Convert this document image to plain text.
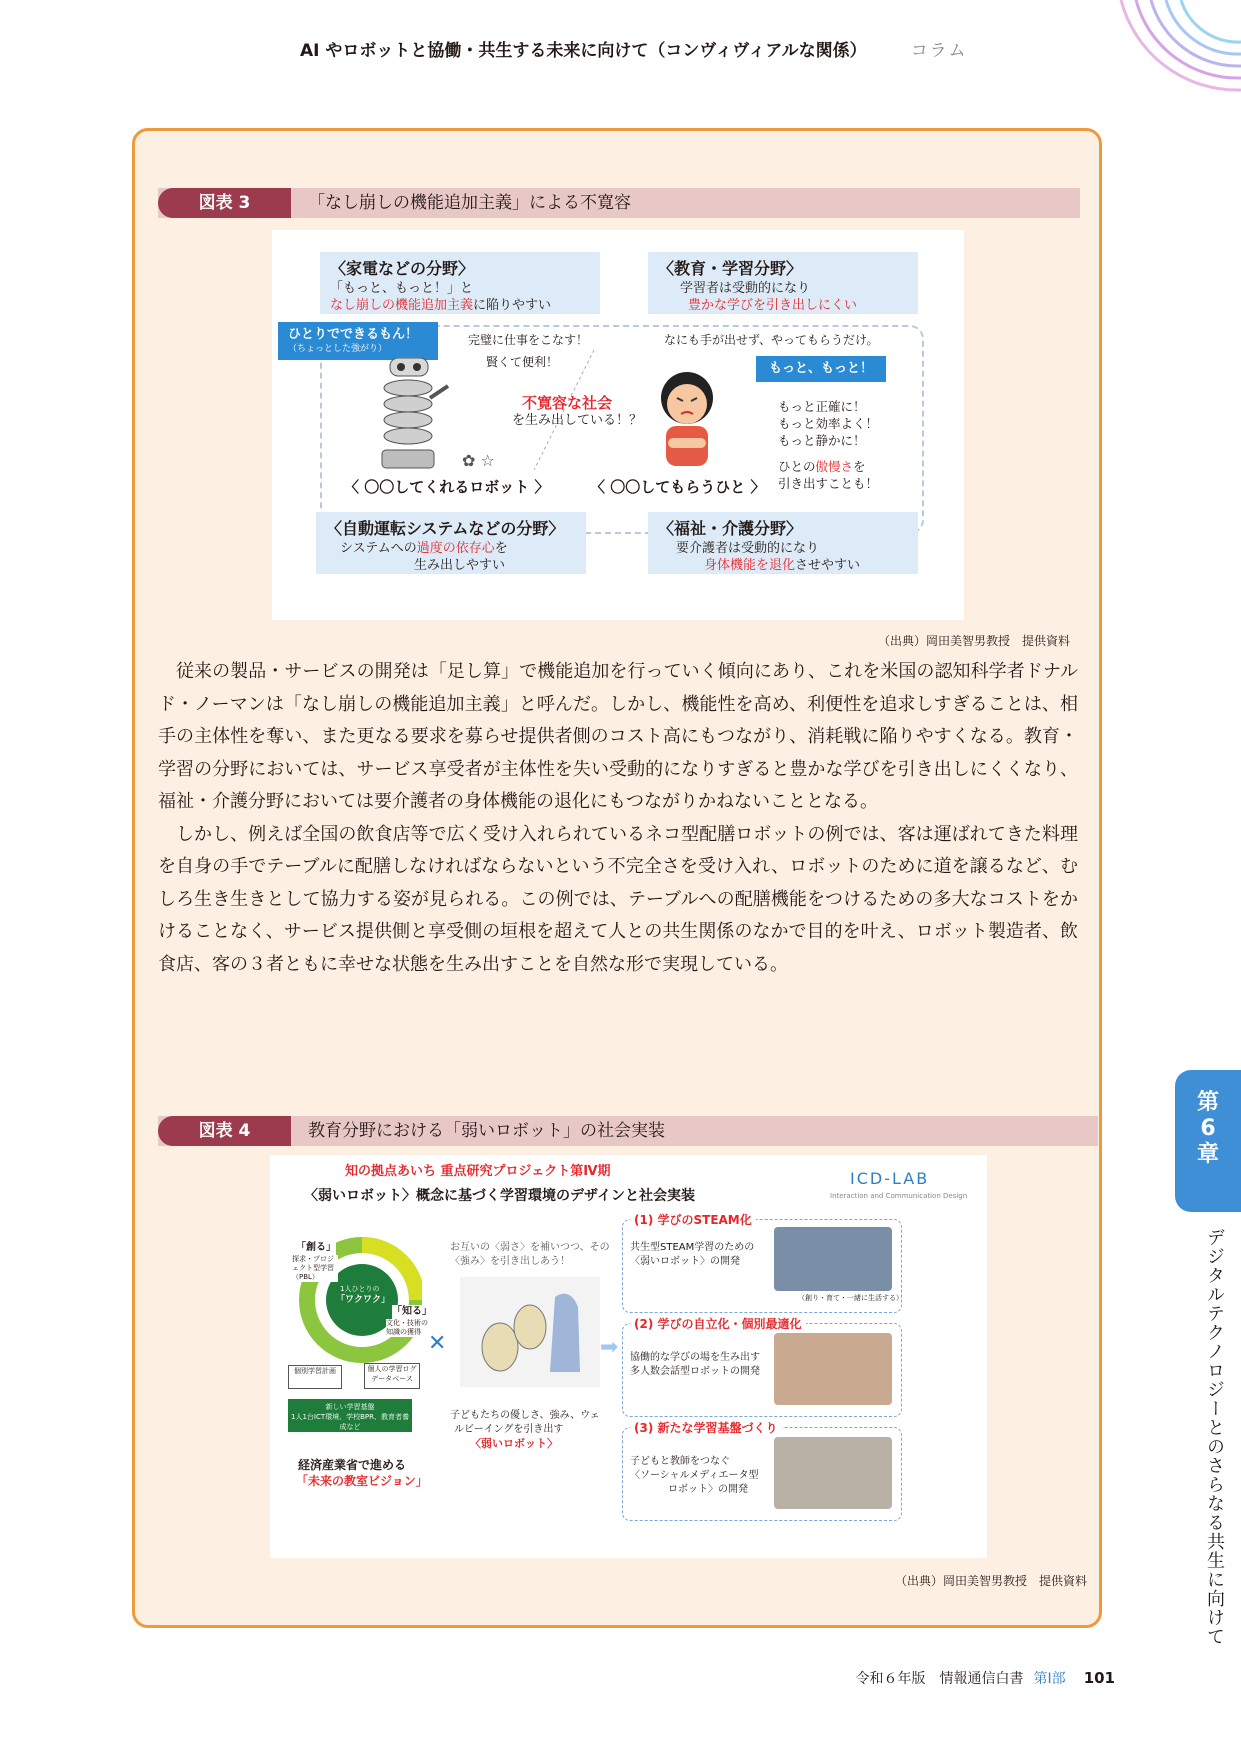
AI やロボットと協働・共生する未来に向けて（コンヴィヴィアルな関係）	コラム
図表 3	「なし崩しの機能追加主義」による不寛容
〈家電などの分野〉
「もっと、もっと！」と
なし崩しの機能追加主義に陥りやすい
〈教育・学習分野〉
学習者は受動的になり
豊かな学びを引き出しにくい
ひとりでできるもん！
（ちょっとした強がり）
完璧に仕事をこなす！
賢くて便利！
なにも手が出せず、やってもらうだけ。
もっと、もっと！
✿ ☆
不寛容な社会
を生み出している！？
もっと正確に！
もっと効率よく！
もっと静かに！
ひとの傲慢さを
引き出すことも！
〈 〇〇してくれるロボット 〉	〈 〇〇してもらうひと 〉
〈自動運転システムなどの分野〉
システムへの過度の依存心を
生み出しやすい
〈福祉・介護分野〉
要介護者は受動的になり
身体機能を退化させやすい
（出典）岡田美智男教授　提供資料

従来の製品・サービスの開発は「足し算」で機能追加を行っていく傾向にあり、これを米国の認知科学者ドナルド・ノーマンは「なし崩しの機能追加主義」と呼んだ。しかし、機能性を高め、利便性を追求しすぎることは、相手の主体性を奪い、また更なる要求を募らせ提供者側のコスト高にもつながり、消耗戦に陥りやすくなる。教育・学習の分野においては、サービス享受者が主体性を失い受動的になりすぎると豊かな学びを引き出しにくくなり、福祉・介護分野においては要介護者の身体機能の退化にもつながりかねないこととなる。

しかし、例えば全国の飲食店等で広く受け入れられているネコ型配膳ロボットの例では、客は運ばれてきた料理を自身の手でテーブルに配膳しなければならないという不完全さを受け入れ、ロボットのために道を譲るなど、むしろ生き生きとして協力する姿が見られる。この例では、テーブルへの配膳機能をつけるための多大なコストをかけることなく、サービス提供側と享受側の垣根を超えて人との共生関係のなかで目的を叶え、ロボット製造者、飲食店、客の３者ともに幸せな状態を生み出すことを自然な形で実現している。

図表 4	教育分野における「弱いロボット」の社会実装
知の拠点あいち 重点研究プロジェクト第Ⅳ期
〈弱いロボット〉概念に基づく学習環境のデザインと社会実装
ICD-LAB
Interaction and Communication Design
「創る」
探求・プロジェクト型学習（PBL）
1人ひとりの
「ワクワク」
「知る」
文化・技術の知識の獲得
個別学習計画	個人の学習ログデータベース
新しい学習基盤
1人1台ICT環境、学校BPR、教育者養成など
経済産業省で進める
「未来の教室ビジョン」
✕
お互いの〈弱さ〉を補いつつ、その
〈強み〉を引き出しあう！
子どもたちの優しさ、強み、ウェ
ルビーイングを引き出す
〈弱いロボット〉
➡
(1) 学びのSTEAM化
共生型STEAM学習のための
〈弱いロボット〉の開発
（創り・育て・一緒に生活する）
(2) 学びの自立化・個別最適化
協働的な学びの場を生み出す
多人数会話型ロボットの開発
(3) 新たな学習基盤づくり
子どもと教師をつなぐ
〈ソーシャルメディエータ型
ロボット〉の開発
（出典）岡田美智男教授　提供資料
第
6
章
デジタルテクノロジーとのさらなる共生に向けて
令和６年版　情報通信白書 第Ⅰ部 101
